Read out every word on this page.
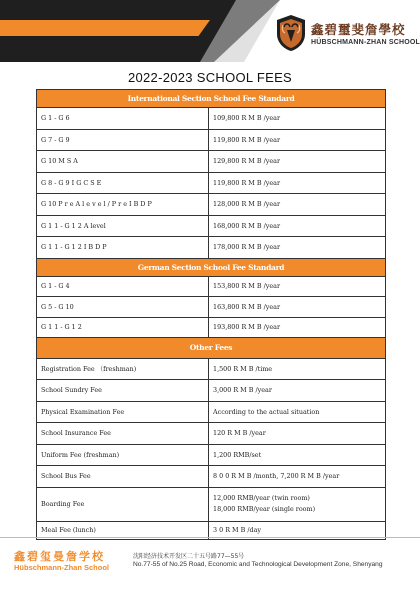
鑫碧璽斐詹學校
HÜBSCHMANN-ZHAN SCHOOL
2022-2023 SCHOOL FEES
International Section School Fee Standard	
G 1 - G 6	109,800 R M B /year
G 7 - G 9	119,800 R M B /year
G 10 M S A	129,800 R M B /year
G 8 - G 9 I G C S E	119,800 R M B /year
G 10 P r e A l e v e l / P r e I B D P	128,000 R M B /year
G 1 1 - G 1 2 A level	168,000 R M B /year
G 1 1 - G 1 2 I B D P	178,000 R M B /year
German Section School Fee Standard	
G 1 - G 4	153,800 R M B /year
G 5 - G 10	163,800 R M B /year
G 1 1 - G 1 2	193,800 R M B /year
Other Fees	
Registration Fee （freshman)	1,500 R M B /time
School Sundry Fee	3,000 R M B /year
Physical Examination Fee	According to the actual situation
School Insurance Fee	120 R M B /year
Uniform Fee (freshman)	1,200 RMB/set
School Bus Fee	8 0 0 R M B /month, 7,200 R M B /year
Boarding Fee	12,000 RMB/year (twin room)
18,000 RMB/year (single room)

Meal Fee (lunch)	3 0 R M B /day
鑫碧玺曼詹学校
Hübschmann-Zhan School
沈阳经济技术开发区二十五号路77—55号
No.77-55 of No.25 Road, Economic and Technological Development Zone, Shenyang
